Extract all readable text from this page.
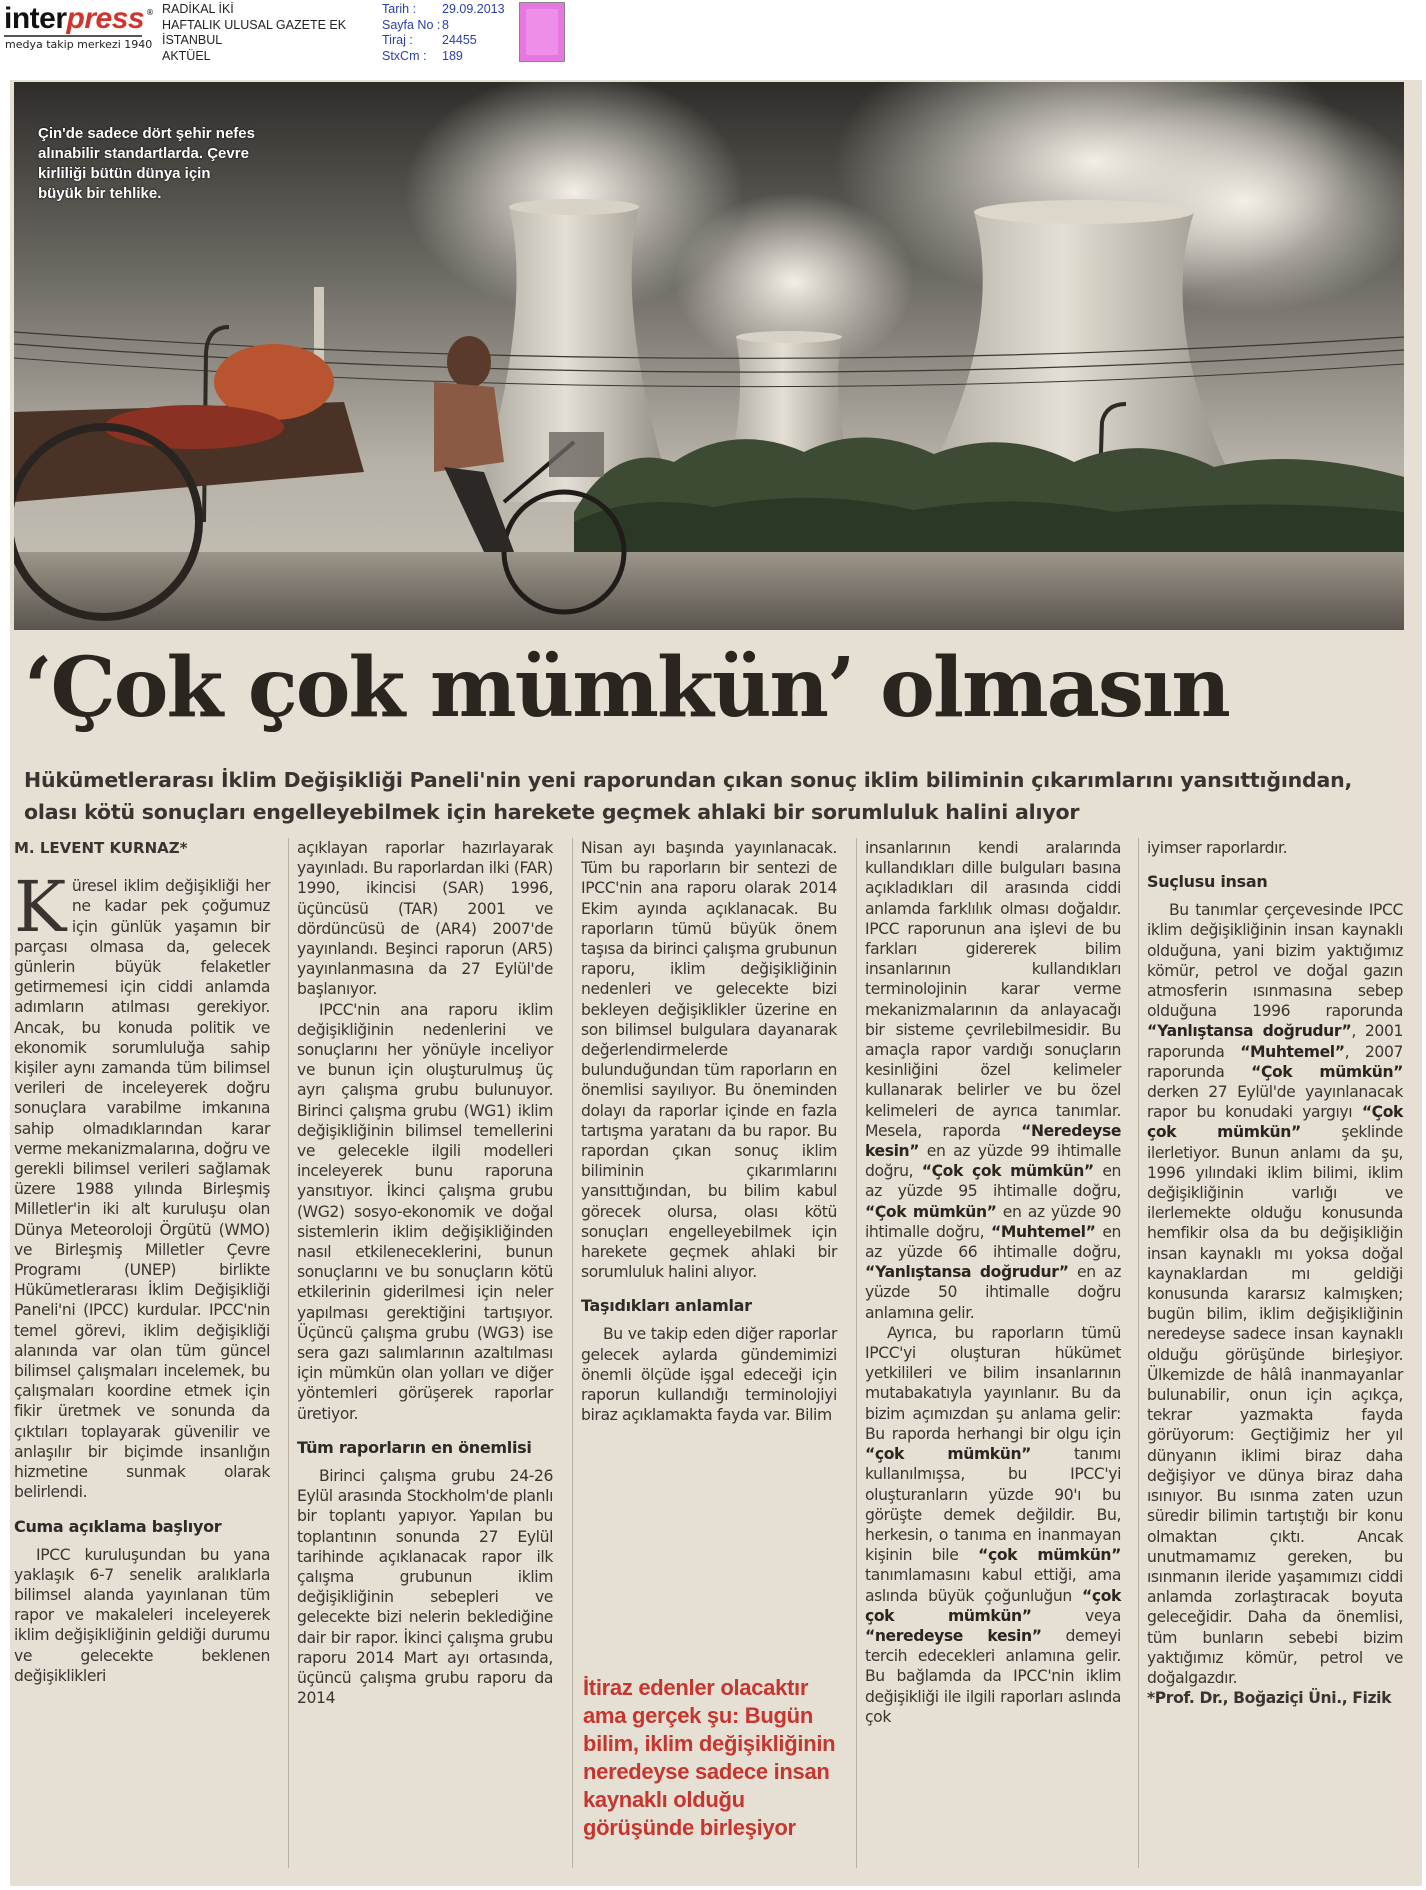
interpress ®
medya takip merkezi 1940
RADİKAL İKİ
HAFTALIK ULUSAL GAZETE EK
İSTANBUL
AKTÜEL
Tarih :	29.09.2013
Sayfa No : 8
Tiraj :	24455
StxCm :	189
Çin'de sadece dört şehir nefes alınabilir standartlarda. Çevre kirliliği bütün dünya için büyük bir tehlike.
‘Çok çok mümkün’ olmasın
Hükümetlerarası İklim Değişikliği Paneli'nin yeni raporundan çıkan sonuç iklim biliminin çıkarımlarını yansıttığından, olası kötü sonuçları engelleyebilmek için harekete geçmek ahlaki bir sorumluluk halini alıyor
M. LEVENT KURNAZ*

Küresel iklim değişikliği her ne kadar pek çoğumuz için günlük yaşamın bir parçası olmasa da, gelecek günlerin büyük felaketler getirmemesi için ciddi anlamda adımların atılması gerekiyor. Ancak, bu konuda politik ve ekonomik sorumluluğa sahip kişiler aynı zamanda tüm bilimsel verileri de inceleyerek doğru sonuçlara varabilme imkanına sahip olmadıklarından karar verme mekanizmalarına, doğru ve gerekli bilimsel verileri sağlamak üzere 1988 yılında Birleşmiş Milletler'in iki alt kuruluşu olan Dünya Meteoroloji Örgütü (WMO) ve Birleşmiş Milletler Çevre Programı (UNEP) birlikte Hükümetlerarası İklim Değişikliği Paneli'ni (IPCC) kurdular. IPCC'nin temel görevi, iklim değişikliği alanında var olan tüm güncel bilimsel çalışmaları incelemek, bu çalışmaları koordine etmek için fikir üretmek ve sonunda da çıktıları toplayarak güvenilir ve anlaşılır bir biçimde insanlığın hizmetine sunmak olarak belirlendi.

Cuma açıklama başlıyor

IPCC kuruluşundan bu yana yaklaşık 6-7 senelik aralıklarla bilimsel alanda yayınlanan tüm rapor ve makaleleri inceleyerek iklim değişikliğinin geldiği durumu ve gelecekte beklenen değişiklikleri

açıklayan raporlar hazırlayarak yayınladı. Bu raporlardan ilki (FAR) 1990, ikincisi (SAR) 1996, üçüncüsü (TAR) 2001 ve dördüncüsü de (AR4) 2007'de yayınlandı. Beşinci raporun (AR5) yayınlanmasına da 27 Eylül'de başlanıyor.

IPCC'nin ana raporu iklim değişikliğinin nedenlerini ve sonuçlarını her yönüyle inceliyor ve bunun için oluşturulmuş üç ayrı çalışma grubu bulunuyor. Birinci çalışma grubu (WG1) iklim değişikliğinin bilimsel temellerini ve gelecekle ilgili modelleri inceleyerek bunu raporuna yansıtıyor. İkinci çalışma grubu (WG2) sosyo-ekonomik ve doğal sistemlerin iklim değişikliğinden nasıl etkileneceklerini, bunun sonuçlarını ve bu sonuçların kötü etkilerinin giderilmesi için neler yapılması gerektiğini tartışıyor. Üçüncü çalışma grubu (WG3) ise sera gazı salımlarının azaltılması için mümkün olan yolları ve diğer yöntemleri görüşerek raporlar üretiyor.

Tüm raporların en önemlisi

Birinci çalışma grubu 24-26 Eylül arasında Stockholm'de planlı bir toplantı yapıyor. Yapılan bu toplantının sonunda 27 Eylül tarihinde açıklanacak rapor ilk çalışma grubunun iklim değişikliğinin sebepleri ve gelecekte bizi nelerin beklediğine dair bir rapor. İkinci çalışma grubu raporu 2014 Mart ayı ortasında, üçüncü çalışma grubu raporu da 2014

Nisan ayı başında yayınlanacak. Tüm bu raporların bir sentezi de IPCC'nin ana raporu olarak 2014 Ekim ayında açıklanacak. Bu raporların tümü büyük önem taşısa da birinci çalışma grubunun raporu, iklim değişikliğinin nedenleri ve gelecekte bizi bekleyen değişiklikler üzerine en son bilimsel bulgulara dayanarak değerlendirmelerde bulunduğundan tüm raporların en önemlisi sayılıyor. Bu öneminden dolayı da raporlar içinde en fazla tartışma yaratanı da bu rapor. Bu rapordan çıkan sonuç iklim biliminin çıkarımlarını yansıttığından, bu bilim kabul görecek olursa, olası kötü sonuçları engelleyebilmek için harekete geçmek ahlaki bir sorumluluk halini alıyor.

Taşıdıkları anlamlar

Bu ve takip eden diğer raporlar gelecek aylarda gündemimizi önemli ölçüde işgal edeceği için raporun kullandığı terminolojiyi biraz açıklamakta fayda var. Bilim

insanlarının kendi aralarında kullandıkları dille bulguları basına açıkladıkları dil arasında ciddi anlamda farklılık olması doğaldır. IPCC raporunun ana işlevi de bu farkları gidererek bilim insanlarının kullandıkları terminolojinin karar verme mekanizmalarının da anlayacağı bir sisteme çevrilebilmesidir. Bu amaçla rapor vardığı sonuçların kesinliğini özel kelimeler kullanarak belirler ve bu özel kelimeleri de ayrıca tanımlar. Mesela, raporda “Neredeyse kesin” en az yüzde 99 ihtimalle doğru, “Çok çok mümkün” en az yüzde 95 ihtimalle doğru, “Çok mümkün” en az yüzde 90 ihtimalle doğru, “Muhtemel” en az yüzde 66 ihtimalle doğru, “Yanlıştansa doğrudur” en az yüzde 50 ihtimalle doğru anlamına gelir.

Ayrıca, bu raporların tümü IPCC'yi oluşturan hükümet yetkilileri ve bilim insanlarının mutabakatıyla yayınlanır. Bu da bizim açımızdan şu anlama gelir: Bu raporda herhangi bir olgu için “çok mümkün” tanımı kullanılmışsa, bu IPCC'yi oluşturanların yüzde 90'ı bu görüşte demek değildir. Bu, herkesin, o tanıma en inanmayan kişinin bile “çok mümkün” tanımlamasını kabul ettiği, ama aslında büyük çoğunluğun “çok çok mümkün” veya “neredeyse kesin” demeyi tercih edecekleri anlamına gelir. Bu bağlamda da IPCC'nin iklim değişikliği ile ilgili raporları aslında çok

iyimser raporlardır.

Suçlusu insan

Bu tanımlar çerçevesinde IPCC iklim değişikliğinin insan kaynaklı olduğuna, yani bizim yaktığımız kömür, petrol ve doğal gazın atmosferin ısınmasına sebep olduğuna 1996 raporunda “Yanlıştansa doğrudur”, 2001 raporunda “Muhtemel”, 2007 raporunda “Çok mümkün” derken 27 Eylül'de yayınlanacak rapor bu konudaki yargıyı “Çok çok mümkün” şeklinde ilerletiyor. Bunun anlamı da şu, 1996 yılındaki iklim bilimi, iklim değişikliğinin varlığı ve ilerlemekte olduğu konusunda hemfikir olsa da bu değişikliğin insan kaynaklı mı yoksa doğal kaynaklardan mı geldiği konusunda kararsız kalmışken; bugün bilim, iklim değişikliğinin neredeyse sadece insan kaynaklı olduğu görüşünde birleşiyor. Ülkemizde de hâlâ inanmayanlar bulunabilir, onun için açıkça, tekrar yazmakta fayda görüyorum: Geçtiğimiz her yıl dünyanın iklimi biraz daha değişiyor ve dünya biraz daha ısınıyor. Bu ısınma zaten uzun süredir bilimin tartıştığı bir konu olmaktan çıktı. Ancak unutmamamız gereken, bu ısınmanın ileride yaşamımızı ciddi anlamda zorlaştıracak boyuta geleceğidir. Daha da önemlisi, tüm bunların sebebi bizim yaktığımız kömür, petrol ve doğalgazdır.

*Prof. Dr., Boğaziçi Üni., Fizik

İtiraz edenler olacaktır ama gerçek şu: Bugün bilim, iklim değişikliğinin neredeyse sadece insan kaynaklı olduğu görüşünde birleşiyor
